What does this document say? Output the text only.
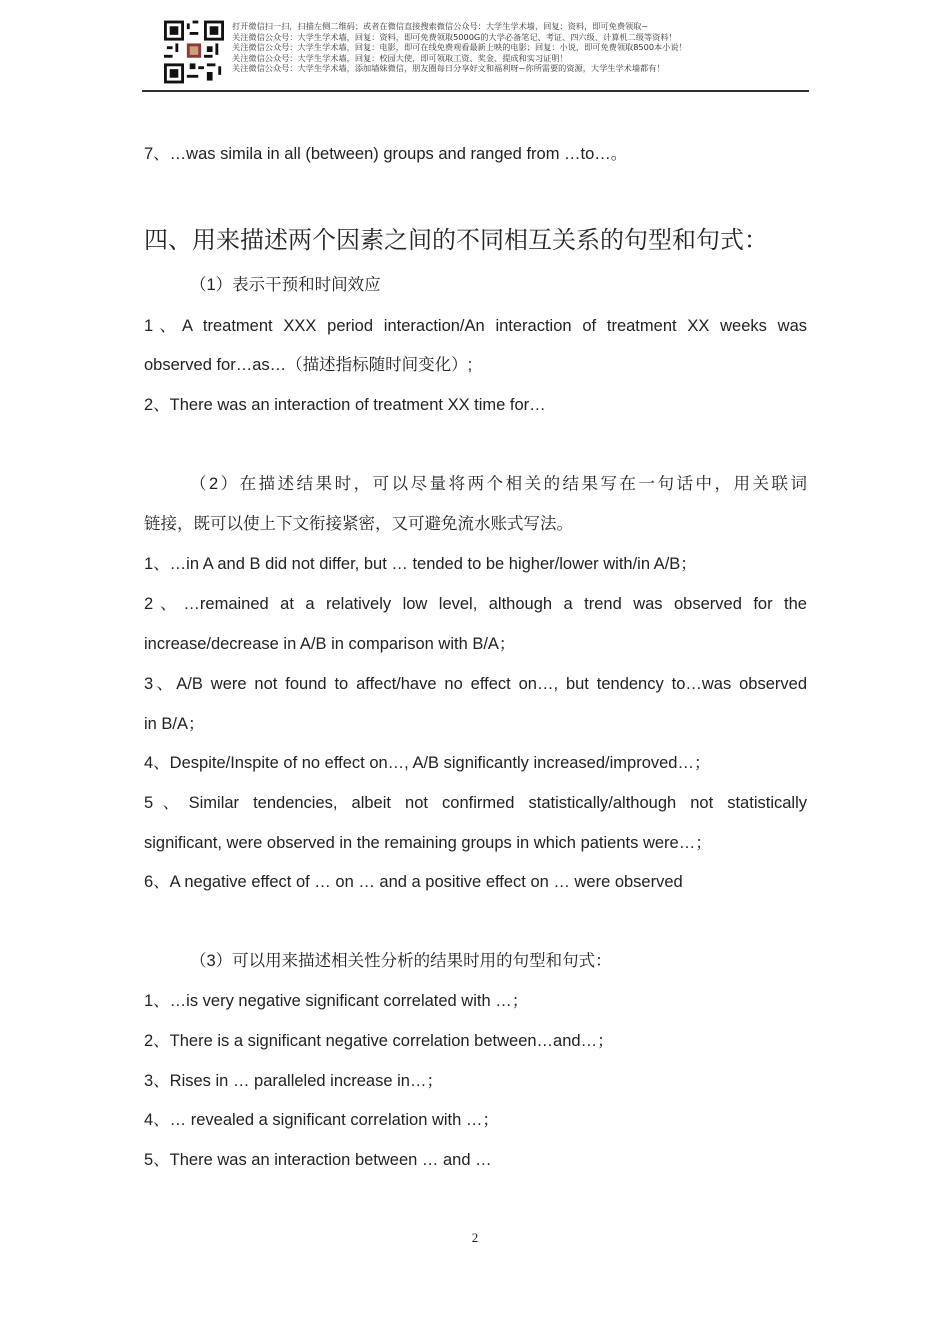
打开微信扫一扫，扫描左侧二维码；或者在微信直接搜索微信公众号：大学生学术墙，回复：资料，即可免费领取~
关注微信公众号：大学生学术墙，回复：资料，即可免费领取5000G的大学必备笔记、考证、四六级、计算机二级等资料！
关注微信公众号：大学生学术墙，回复：电影，即可在线免费观看最新上映的电影；回复：小说，即可免费领取8500本小说！
关注微信公众号：大学生学术墙，回复：校园大使，即可领取工资、奖金、提成和实习证明！
关注微信公众号：大学生学术墙，添加墙妹微信，朋友圈每日分享好文和福利呀~你所需要的资源，大学生学术墙都有！
7、…was simila in all (between) groups and ranged from …to…。
四、用来描述两个因素之间的不同相互关系的句型和句式：
（1）表示干预和时间效应
1、A treatment XXX period interaction/An interaction of treatment XX weeks was
observed for…as…（描述指标随时间变化）;
2、There was an interaction of treatment XX time for…
（2）在描述结果时，可以尽量将两个相关的结果写在一句话中，用关联词
链接，既可以使上下文衔接紧密，又可避免流水账式写法。
1、…in A and B did not differ, but … tended to be higher/lower with/in A/B；
2、…remained at a relatively low level, although a trend was observed for the
increase/decrease in A/B in comparison with B/A；
3、A/B were not found to affect/have no effect on…, but tendency to…was observed
in B/A；
4、Despite/Inspite of no effect on…, A/B significantly increased/improved…；
5、Similar tendencies, albeit not confirmed statistically/although not statistically
significant, were observed in the remaining groups in which patients were…；
6、A negative effect of … on … and a positive effect on … were observed
（3）可以用来描述相关性分析的结果时用的句型和句式：
1、…is very negative significant correlated with …；
2、There is a significant negative correlation between…and…；
3、Rises in … paralleled increase in…；
4、… revealed a significant correlation with …；
5、There was an interaction between … and …
2
